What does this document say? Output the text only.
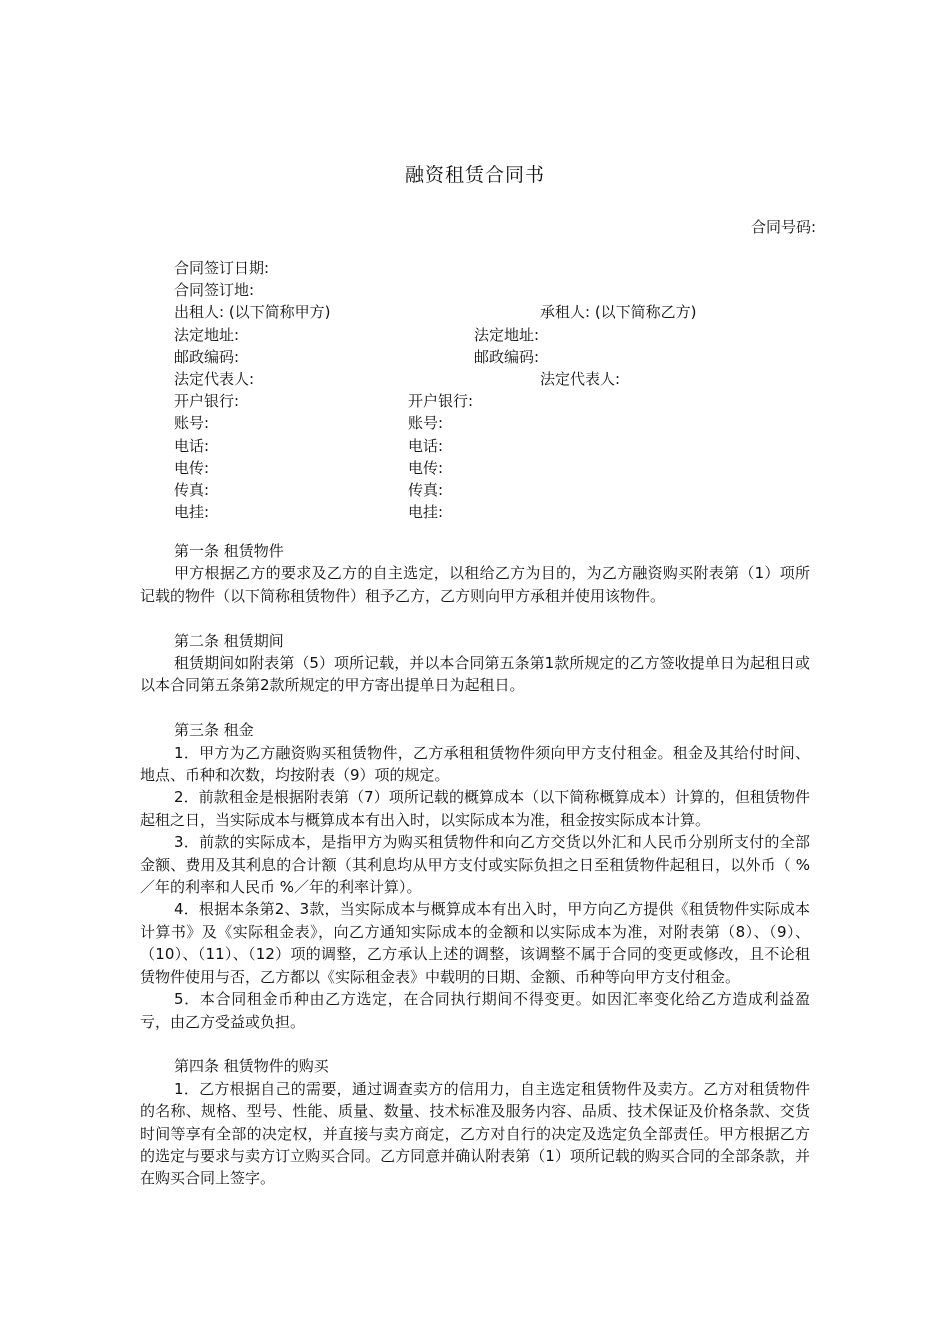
融资租赁合同书
合同号码:
合同签订日期:
合同签订地:
出租人: (以下简称甲方)	承租人: (以下简称乙方)
法定地址:	法定地址:
邮政编码:	邮政编码:
法定代表人:	法定代表人:
开户银行:	开户银行:
账号:	账号:
电话:	电话:
电传:	电传:
传真:	传真:
电挂:	电挂:

第一条 租赁物件

甲方根据乙方的要求及乙方的自主选定，以租给乙方为目的，为乙方融资购买附表第（1）项所记载的物件（以下简称租赁物件）租予乙方，乙方则向甲方承租并使用该物件。

第二条 租赁期间

租赁期间如附表第（5）项所记载，并以本合同第五条第1款所规定的乙方签收提单日为起租日或以本合同第五条第2款所规定的甲方寄出提单日为起租日。

第三条 租金

1．甲方为乙方融资购买租赁物件，乙方承租租赁物件须向甲方支付租金。租金及其给付时间、地点、币种和次数，均按附表（9）项的规定。

2．前款租金是根据附表第（7）项所记载的概算成本（以下简称概算成本）计算的，但租赁物件起租之日，当实际成本与概算成本有出入时，以实际成本为准，租金按实际成本计算。

3．前款的实际成本，是指甲方为购买租赁物件和向乙方交货以外汇和人民币分别所支付的全部金额、费用及其利息的合计额（其利息均从甲方支付或实际负担之日至租赁物件起租日，以外币（ %／年的利率和人民币 %／年的利率计算）。

4．根据本条第2、3款，当实际成本与概算成本有出入时，甲方向乙方提供《租赁物件实际成本计算书》及《实际租金表》，向乙方通知实际成本的金额和以实际成本为准，对附表第（8）、（9）、（10）、（11）、（12）项的调整，乙方承认上述的调整，该调整不属于合同的变更或修改，且不论租赁物件使用与否，乙方都以《实际租金表》中载明的日期、金额、币种等向甲方支付租金。

5．本合同租金币种由乙方选定，在合同执行期间不得变更。如因汇率变化给乙方造成利益盈亏，由乙方受益或负担。

第四条 租赁物件的购买

1．乙方根据自己的需要，通过调查卖方的信用力，自主选定租赁物件及卖方。乙方对租赁物件的名称、规格、型号、性能、质量、数量、技术标准及服务内容、品质、技术保证及价格条款、交货时间等享有全部的决定权，并直接与卖方商定，乙方对自行的决定及选定负全部责任。甲方根据乙方的选定与要求与卖方订立购买合同。乙方同意并确认附表第（1）项所记载的购买合同的全部条款，并在购买合同上签字。
